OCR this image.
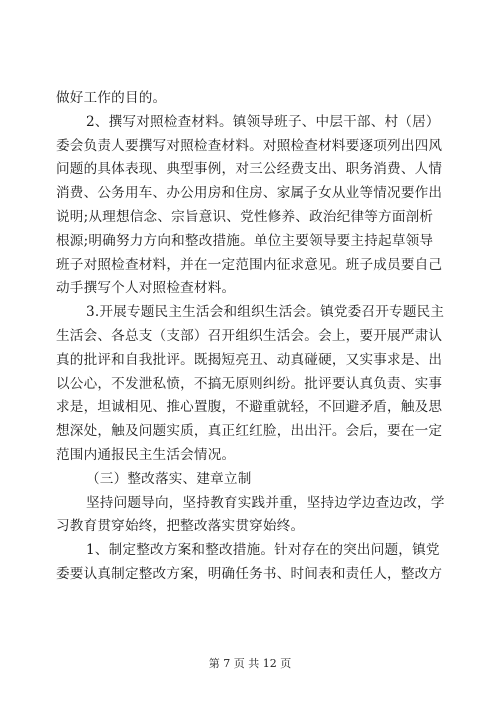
做好工作的目的。
2、撰写对照检查材料。镇领导班子、中层干部、村（居）
委会负责人要撰写对照检查材料。对照检查材料要逐项列出四风
问题的具体表现、典型事例，对三公经费支出、职务消费、人情
消费、公务用车、办公用房和住房、家属子女从业等情况要作出
说明;从理想信念、宗旨意识、党性修养、政治纪律等方面剖析
根源;明确努力方向和整改措施。单位主要领导要主持起草领导
班子对照检查材料，并在一定范围内征求意见。班子成员要自己
动手撰写个人对照检查材料。
3.开展专题民主生活会和组织生活会。镇党委召开专题民主
生活会、各总支（支部）召开组织生活会。会上，要开展严肃认
真的批评和自我批评。既揭短亮丑、动真碰硬，又实事求是、出
以公心，不发泄私愤，不搞无原则纠纷。批评要认真负责、实事
求是，坦诚相见、推心置腹，不避重就轻，不回避矛盾，触及思
想深处，触及问题实质，真正红红脸，出出汗。会后，要在一定
范围内通报民主生活会情况。
（三）整改落实、建章立制
坚持问题导向，坚持教育实践并重，坚持边学边查边改，学
习教育贯穿始终，把整改落实贯穿始终。
1、制定整改方案和整改措施。针对存在的突出问题，镇党
委要认真制定整改方案，明确任务书、时间表和责任人，整改方
第 7 页 共 12 页
